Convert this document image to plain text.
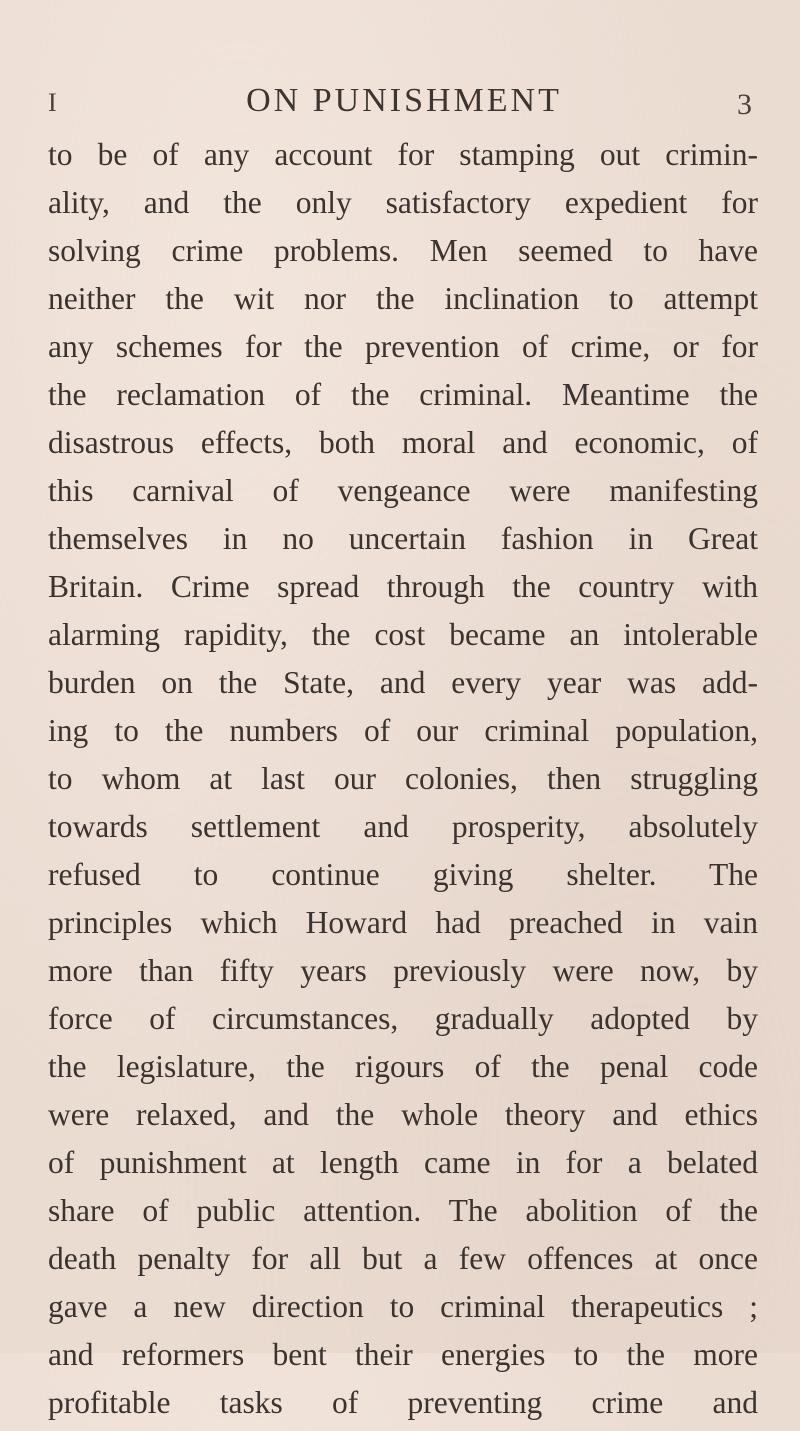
I	ON PUNISHMENT	3
to be of any account for stamping out crimin-
ality, and the only satisfactory expedient for
solving crime problems. Men seemed to have
neither the wit nor the inclination to attempt
any schemes for the prevention of crime, or for
the reclamation of the criminal. Meantime the
disastrous effects, both moral and economic, of
this carnival of vengeance were manifesting
themselves in no uncertain fashion in Great
Britain. Crime spread through the country with
alarming rapidity, the cost became an intolerable
burden on the State, and every year was add-
ing to the numbers of our criminal population,
to whom at last our colonies, then struggling
towards settlement and prosperity, absolutely
refused to continue giving shelter. The
principles which Howard had preached in vain
more than fifty years previously were now, by
force of circumstances, gradually adopted by
the legislature, the rigours of the penal code
were relaxed, and the whole theory and ethics
of punishment at length came in for a belated
share of public attention. The abolition of the
death penalty for all but a few offences at once
gave a new direction to criminal therapeutics ;
and reformers bent their energies to the more
profitable tasks of preventing crime and
